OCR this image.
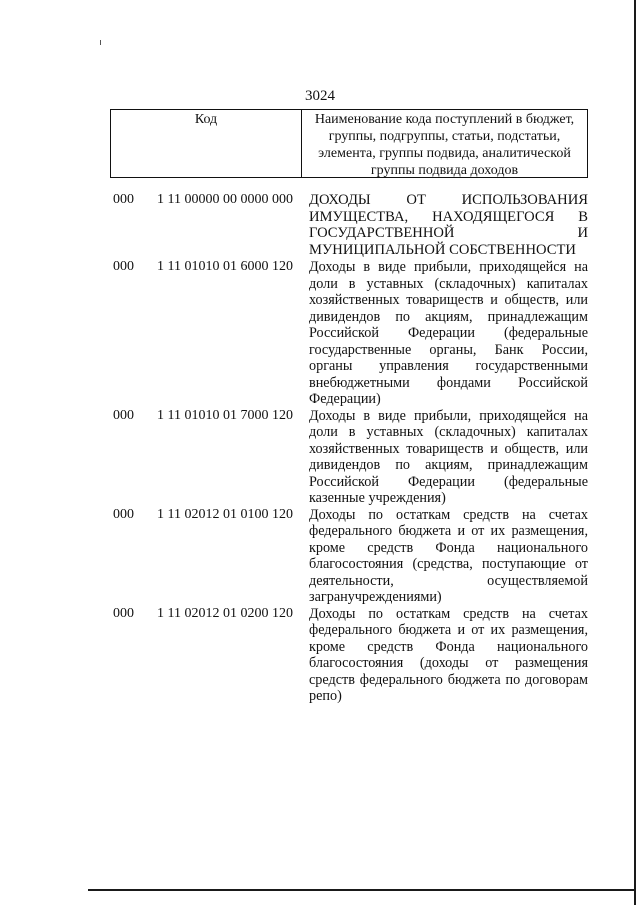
3024
Код	Наименование кода поступлений в бюджет, группы, подгруппы, статьи, подстатьи, элемента, группы подвида, аналитической группы подвида доходов
000	1 11 00000 00 0000 000	ДОХОДЫ ОТ ИСПОЛЬЗОВАНИЯ ИМУЩЕСТВА, НАХОДЯЩЕГОСЯ В ГОСУДАРСТВЕННОЙ И МУНИЦИПАЛЬНОЙ СОБСТВЕННОСТИ
000	1 11 01010 01 6000 120	Доходы в виде прибыли, приходящейся на доли в уставных (складочных) капиталах хозяйственных товариществ и обществ, или дивидендов по акциям, принадлежащим Российской Федерации (федеральные государственные органы, Банк России, органы управления государственными внебюджетными фондами Российской Федерации)
000	1 11 01010 01 7000 120	Доходы в виде прибыли, приходящейся на доли в уставных (складочных) капиталах хозяйственных товариществ и обществ, или дивидендов по акциям, принадлежащим Российской Федерации (федеральные казенные учреждения)
000	1 11 02012 01 0100 120	Доходы по остаткам средств на счетах федерального бюджета и от их размещения, кроме средств Фонда национального благосостояния (средства, поступающие от деятельности, осуществляемой загранучреждениями)
000	1 11 02012 01 0200 120	Доходы по остаткам средств на счетах федерального бюджета и от их размещения, кроме средств Фонда национального благосостояния (доходы от размещения средств федерального бюджета по договорам репо)
